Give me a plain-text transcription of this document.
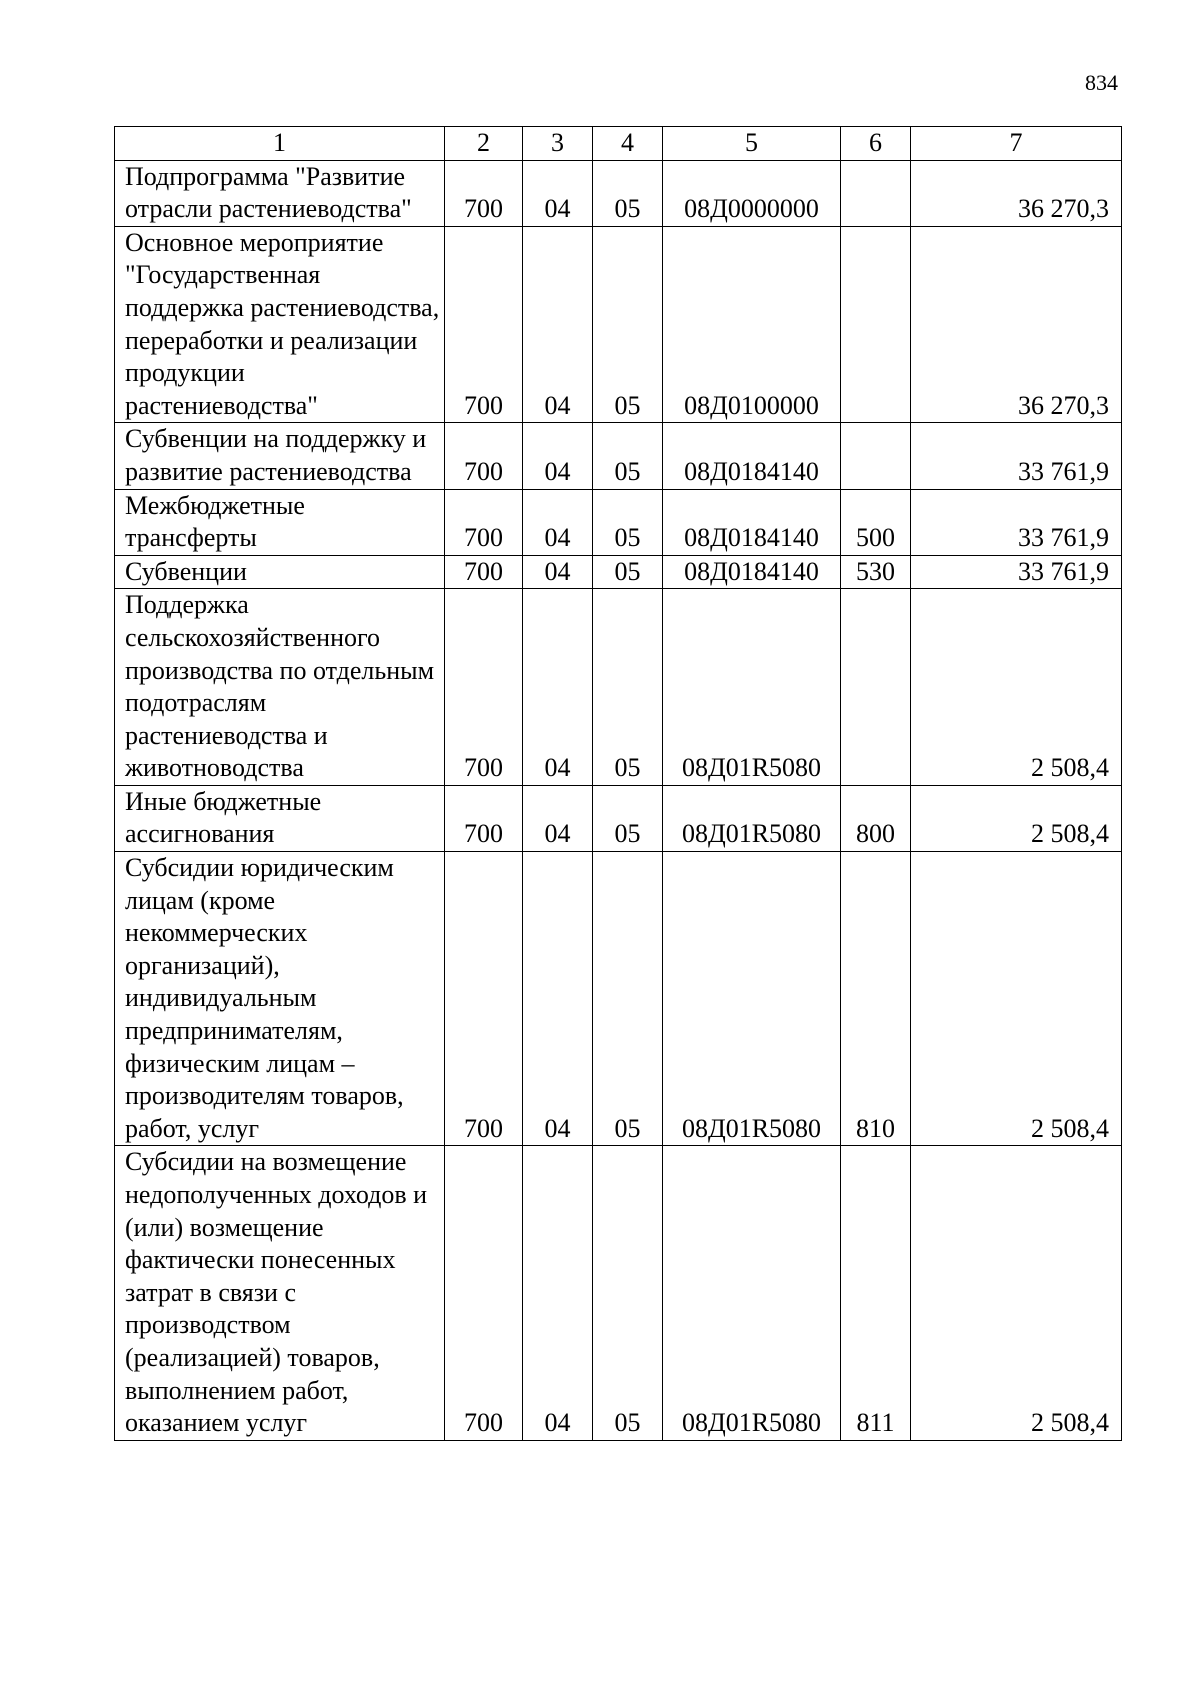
834
1	2	3	4	5	6	7
Подпрограмма "Развитие отрасли растениеводства"	700	04	05	08Д0000000		36 270,3
Основное мероприятие "Государственная поддержка растениеводства, переработки и реализации продукции растениеводства"	700	04	05	08Д0100000		36 270,3
Субвенции на поддержку и развитие растениеводства	700	04	05	08Д0184140		33 761,9
Межбюджетные трансферты	700	04	05	08Д0184140	500	33 761,9
Субвенции	700	04	05	08Д0184140	530	33 761,9
Поддержка сельскохозяйственного производства по отдельным подотраслям растениеводства и животноводства	700	04	05	08Д01R5080		2 508,4
Иные бюджетные ассигнования	700	04	05	08Д01R5080	800	2 508,4
Субсидии юридическим лицам (кроме некоммерческих организаций), индивидуальным предпринимателям, физическим лицам – производителям товаров, работ, услуг	700	04	05	08Д01R5080	810	2 508,4
Субсидии на возмещение недополученных доходов и (или) возмещение фактически понесенных затрат в связи с производством (реализацией) товаров, выполнением работ, оказанием услуг	700	04	05	08Д01R5080	811	2 508,4
